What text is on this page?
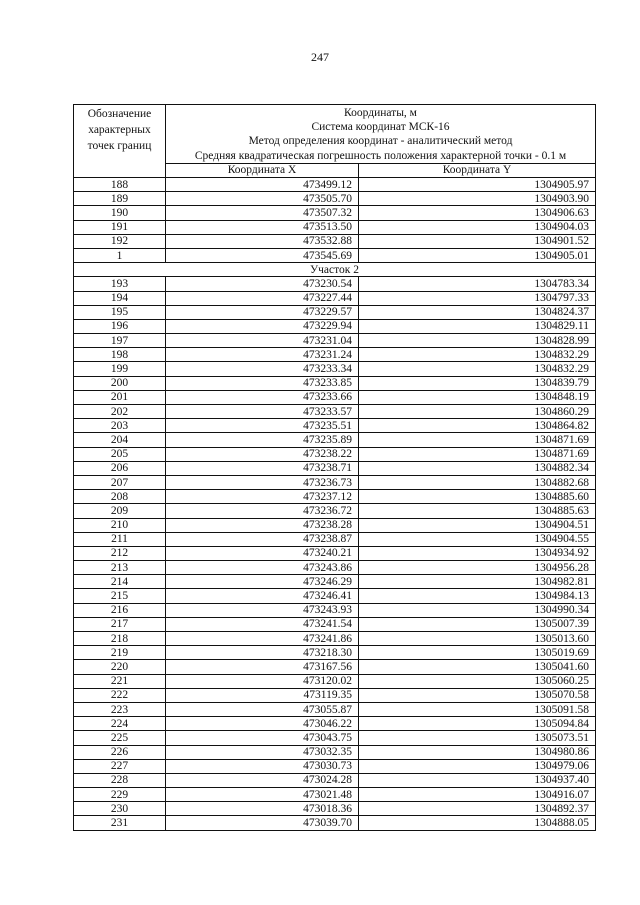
247
Обозначение
характерных
точек границ	Координаты, м
Система координат МСК-16
Метод определения координат - аналитический метод
Средняя квадратическая погрешность положения характерной точки - 0.1 м	

	Координата X	Координата Y
188	473499.12	1304905.97
189	473505.70	1304903.90
190	473507.32	1304906.63
191	473513.50	1304904.03
192	473532.88	1304901.52
1	473545.69	1304905.01
Участок 2		
193	473230.54	1304783.34
194	473227.44	1304797.33
195	473229.57	1304824.37
196	473229.94	1304829.11
197	473231.04	1304828.99
198	473231.24	1304832.29
199	473233.34	1304832.29
200	473233.85	1304839.79
201	473233.66	1304848.19
202	473233.57	1304860.29
203	473235.51	1304864.82
204	473235.89	1304871.69
205	473238.22	1304871.69
206	473238.71	1304882.34
207	473236.73	1304882.68
208	473237.12	1304885.60
209	473236.72	1304885.63
210	473238.28	1304904.51
211	473238.87	1304904.55
212	473240.21	1304934.92
213	473243.86	1304956.28
214	473246.29	1304982.81
215	473246.41	1304984.13
216	473243.93	1304990.34
217	473241.54	1305007.39
218	473241.86	1305013.60
219	473218.30	1305019.69
220	473167.56	1305041.60
221	473120.02	1305060.25
222	473119.35	1305070.58
223	473055.87	1305091.58
224	473046.22	1305094.84
225	473043.75	1305073.51
226	473032.35	1304980.86
227	473030.73	1304979.06
228	473024.28	1304937.40
229	473021.48	1304916.07
230	473018.36	1304892.37
231	473039.70	1304888.05
